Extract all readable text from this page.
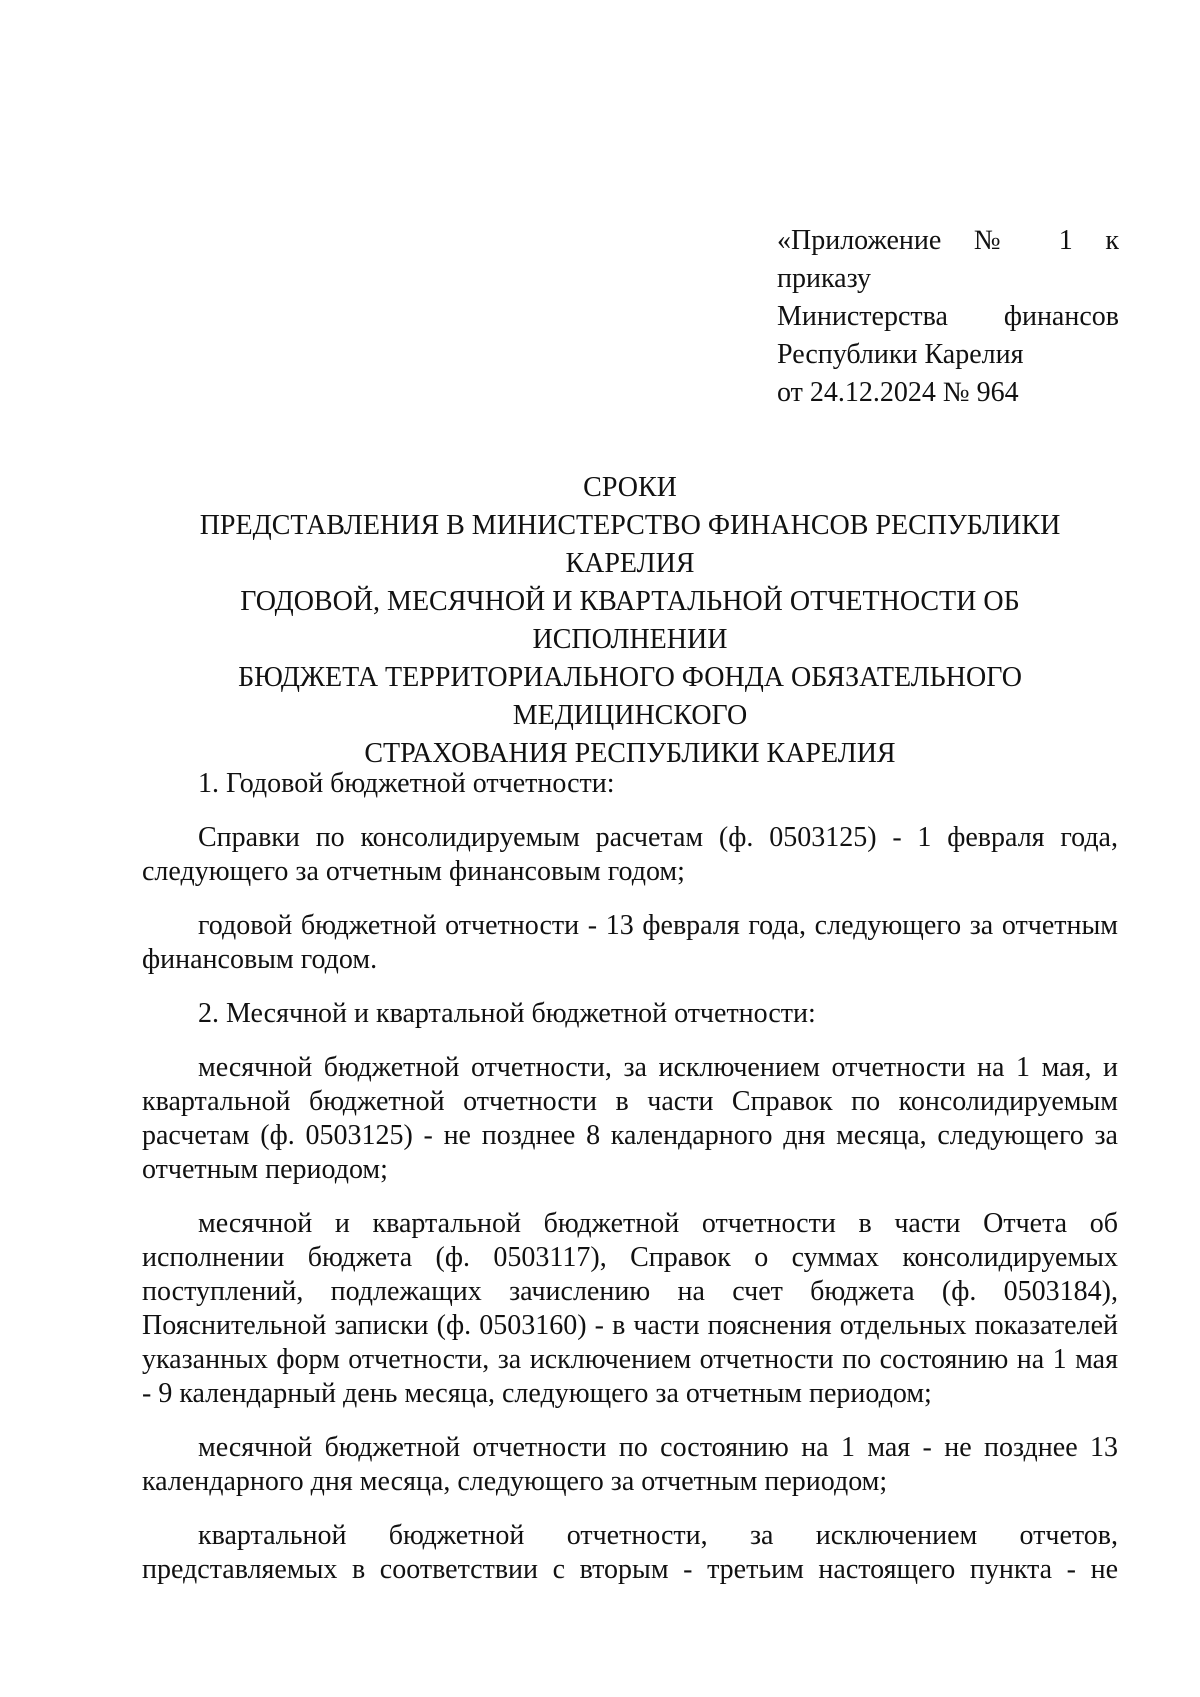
«Приложение № 1 к
приказу
Министерства финансов
Республики Карелия
от 24.12.2024 № 964
СРОКИ
ПРЕДСТАВЛЕНИЯ В МИНИСТЕРСТВО ФИНАНСОВ РЕСПУБЛИКИ
КАРЕЛИЯ
ГОДОВОЙ, МЕСЯЧНОЙ И КВАРТАЛЬНОЙ ОТЧЕТНОСТИ ОБ
ИСПОЛНЕНИИ
БЮДЖЕТА ТЕРРИТОРИАЛЬНОГО ФОНДА ОБЯЗАТЕЛЬНОГО
МЕДИЦИНСКОГО
СТРАХОВАНИЯ РЕСПУБЛИКИ КАРЕЛИЯ

1. Годовой бюджетной отчетности:

Справки по консолидируемым расчетам (ф. 0503125) - 1 февраля года, следующего за отчетным финансовым годом;

годовой бюджетной отчетности - 13 февраля года, следующего за отчетным финансовым годом.

2. Месячной и квартальной бюджетной отчетности:

месячной бюджетной отчетности, за исключением отчетности на 1 мая, и квартальной бюджетной отчетности в части Справок по консолидируемым расчетам (ф. 0503125) - не позднее 8 календарного дня месяца, следующего за отчетным периодом;

месячной и квартальной бюджетной отчетности в части Отчета об исполнении бюджета (ф. 0503117), Справок о суммах консолидируемых поступлений, подлежащих зачислению на счет бюджета (ф. 0503184), Пояснительной записки (ф. 0503160) - в части пояснения отдельных показателей указанных форм отчетности, за исключением отчетности по состоянию на 1 мая - 9 календарный день месяца, следующего за отчетным периодом;

месячной бюджетной отчетности по состоянию на 1 мая - не позднее 13 календарного дня месяца, следующего за отчетным периодом;

квартальной бюджетной отчетности, за исключением отчетов, представляемых в соответствии с вторым - третьим настоящего пункта - не
